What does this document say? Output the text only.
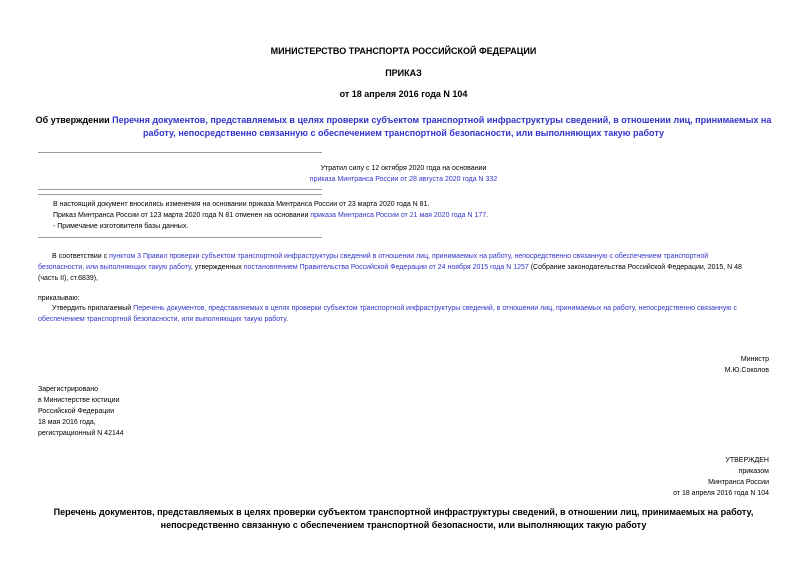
МИНИСТЕРСТВО ТРАНСПОРТА РОССИЙСКОЙ ФЕДЕРАЦИИ
ПРИКАЗ
от 18 апреля 2016 года N 104
Об утверждении Перечня документов, представляемых в целях проверки субъектом транспортной инфраструктуры сведений, в отношении лиц, принимаемых на
работу, непосредственно связанную с обеспечением транспортной безопасности, или выполняющих такую работу
Утратил силу с 12 октября 2020 года на основании
приказа Минтранса России от 28 августа 2020 года N 332
В настоящий документ вносились изменения на основании приказа Минтранса России от 23 марта 2020 года N 81.
Приказ Минтранса России от 123 марта 2020 года N 81 отменен на основании приказа Минтранса России от 21 мая 2020 года N 177.
- Примечание изготовителя базы данных.
В соответствии с пунктом 3 Правил проверки субъектом транспортной инфраструктуры сведений в отношении лиц, принимаемых на работу, непосредственно связанную с обеспечением транспортной
безопасности, или выполняющих такую работу, утвержденных постановлением Правительства Российской Федерации от 24 ноября 2015 года N 1257 (Собрание законодательства Российской Федерации, 2015, N 48
(часть II), ст.6839),
приказываю:
Утвердить прилагаемый Перечень документов, представляемых в целях проверки субъектом транспортной инфраструктуры сведений, в отношении лиц, принимаемых на работу, непосредственно связанную с
обеспечением транспортной безопасности, или выполняющих такую работу.
Министр
М.Ю.Соколов
Зарегистрировано
в Министерстве юстиции
Российской Федерации
18 мая 2016 года,
регистрационный N 42144
УТВЕРЖДЕН
приказом
Минтранса России
от 18 апреля 2016 года N 104
Перечень документов, представляемых в целях проверки субъектом транспортной инфраструктуры сведений, в отношении лиц, принимаемых на работу,
непосредственно связанную с обеспечением транспортной безопасности, или выполняющих такую работу
